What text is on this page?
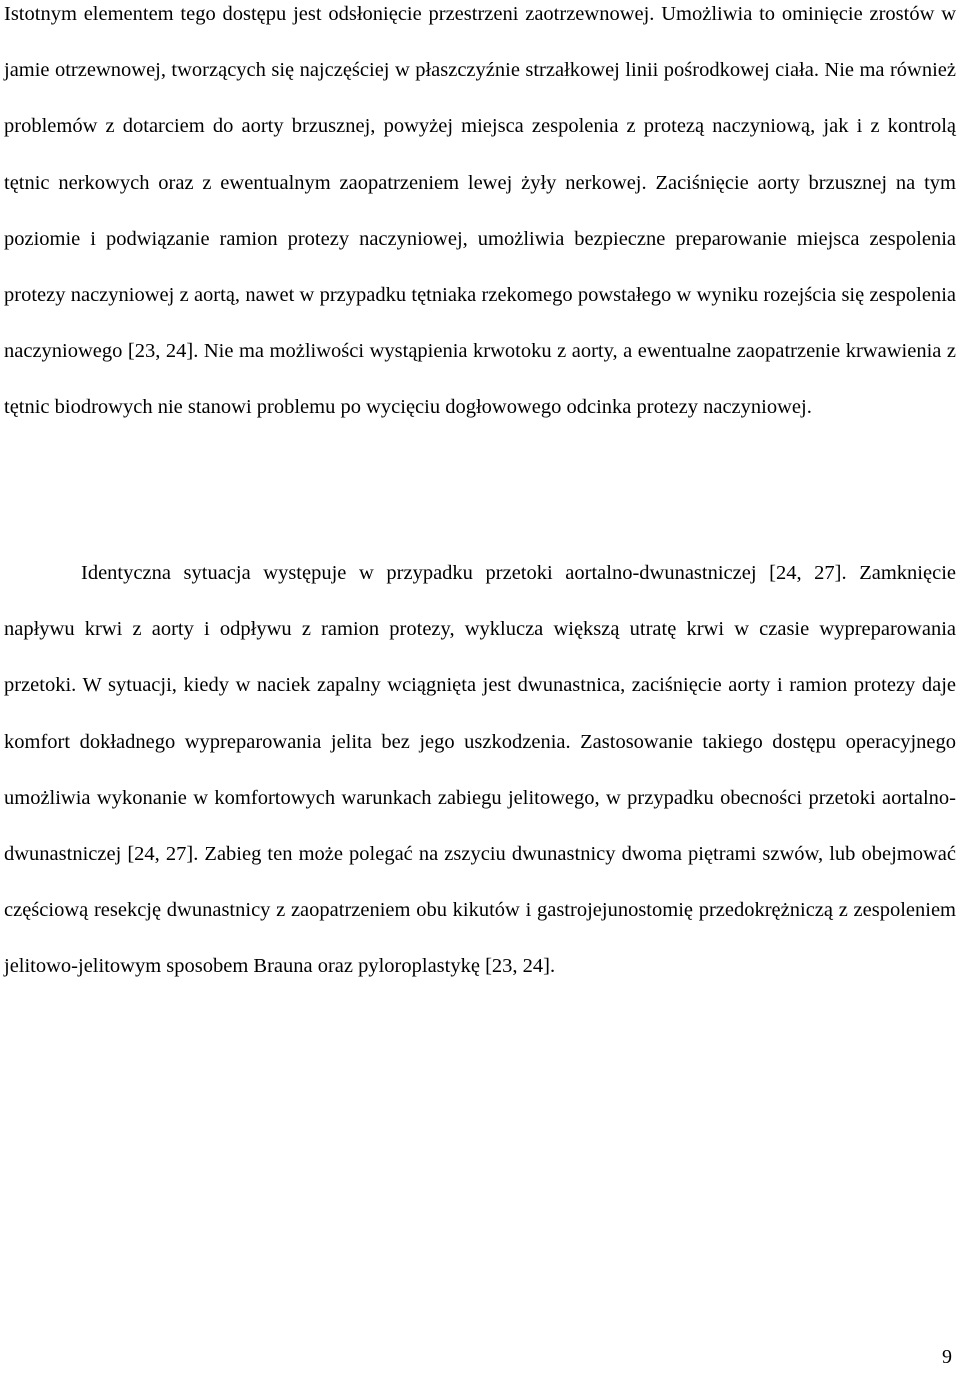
Istotnym elementem tego dostępu jest odsłonięcie przestrzeni zaotrzewnowej. Umożliwia to ominięcie zrostów w jamie otrzewnowej, tworzących się najczęściej w płaszczyźnie strzałkowej linii pośrodkowej ciała. Nie ma również problemów z dotarciem do aorty brzusznej, powyżej miejsca zespolenia z protezą naczyniową, jak i z kontrolą tętnic nerkowych oraz z ewentualnym zaopatrzeniem lewej żyły nerkowej. Zaciśnięcie aorty brzusznej na tym poziomie i podwiązanie ramion protezy naczyniowej, umożliwia bezpieczne preparowanie miejsca zespolenia protezy naczyniowej z aortą, nawet w przypadku tętniaka rzekomego powstałego w wyniku rozejścia się zespolenia naczyniowego [23, 24]. Nie ma możliwości wystąpienia krwotoku z aorty, a ewentualne zaopatrzenie krwawienia z tętnic biodrowych nie stanowi problemu po wycięciu dogłowowego odcinka protezy naczyniowej.

Identyczna sytuacja występuje w przypadku przetoki aortalno-dwunastniczej [24, 27]. Zamknięcie napływu krwi z aorty i odpływu z ramion protezy, wyklucza większą utratę krwi w czasie wypreparowania przetoki. W sytuacji, kiedy w naciek zapalny wciągnięta jest dwunastnica, zaciśnięcie aorty i ramion protezy daje komfort dokładnego wypreparowania jelita bez jego uszkodzenia. Zastosowanie takiego dostępu operacyjnego umożliwia wykonanie w komfortowych warunkach zabiegu jelitowego, w przypadku obecności przetoki aortalno-dwunastniczej [24, 27]. Zabieg ten może polegać na zszyciu dwunastnicy dwoma piętrami szwów, lub obejmować częściową resekcję dwunastnicy z zaopatrzeniem obu kikutów i gastrojejunostomię przedokrężniczą z zespoleniem jelitowo-jelitowym sposobem Brauna oraz pyloroplastykę [23, 24].

9
